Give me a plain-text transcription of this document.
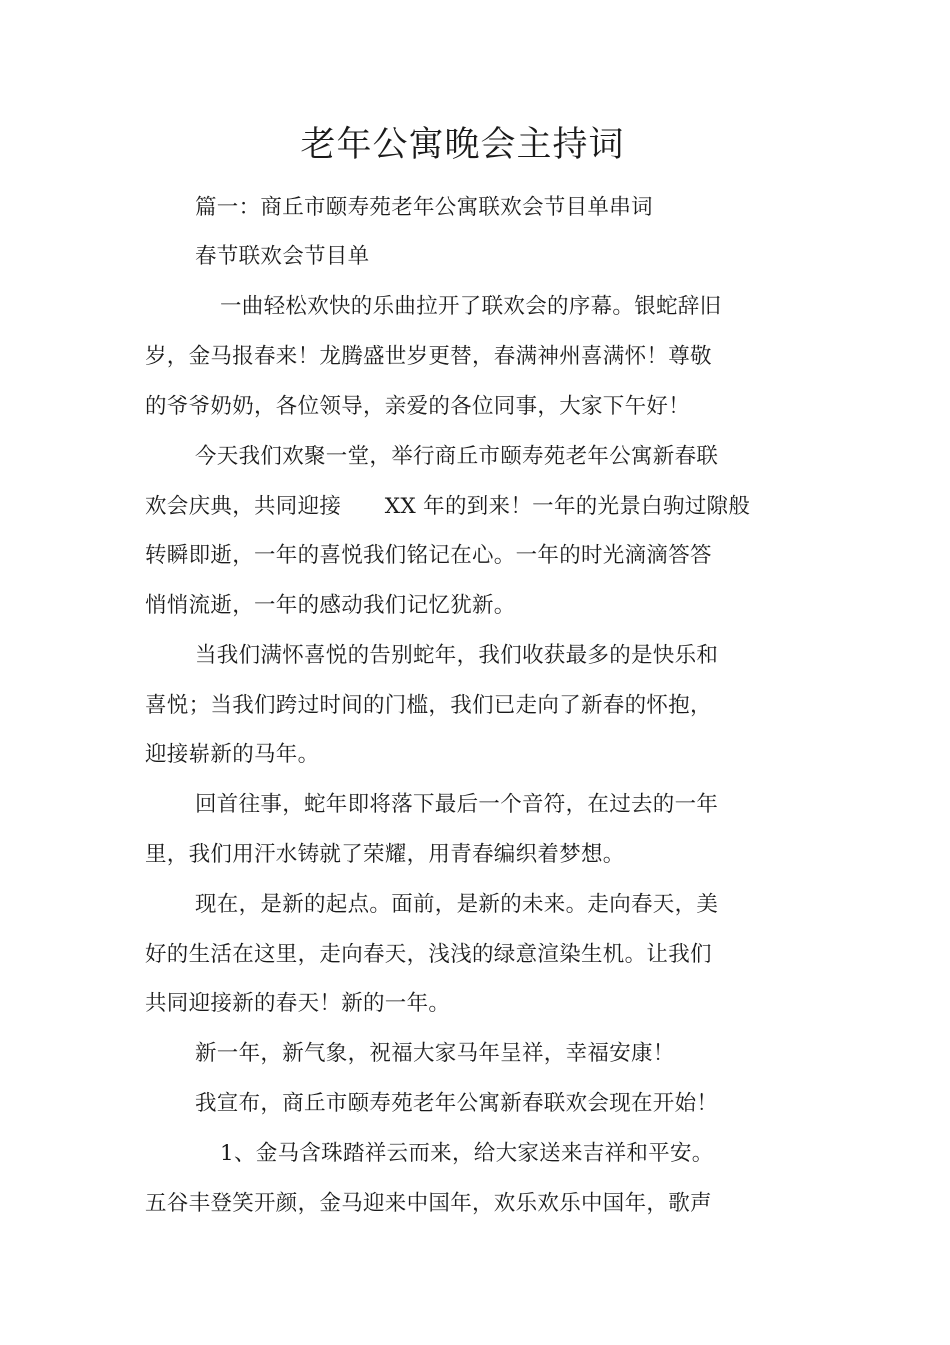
老年公寓晚会主持词
篇一：商丘市颐寿苑老年公寓联欢会节目单串词
春节联欢会节目单
一曲轻松欢快的乐曲拉开了联欢会的序幕。银蛇辞旧
岁，金马报春来！龙腾盛世岁更替，春满神州喜满怀！尊敬
的爷爷奶奶，各位领导，亲爱的各位同事，大家下午好！
今天我们欢聚一堂，举行商丘市颐寿苑老年公寓新春联
欢会庆典，共同迎接　　XX 年的到来！一年的光景白驹过隙般
转瞬即逝，一年的喜悦我们铭记在心。一年的时光滴滴答答
悄悄流逝，一年的感动我们记忆犹新。
当我们满怀喜悦的告别蛇年，我们收获最多的是快乐和
喜悦；当我们跨过时间的门槛，我们已走向了新春的怀抱，
迎接崭新的马年。
回首往事，蛇年即将落下最后一个音符，在过去的一年
里，我们用汗水铸就了荣耀，用青春编织着梦想。
现在，是新的起点。面前，是新的未来。走向春天，美
好的生活在这里，走向春天，浅浅的绿意渲染生机。让我们
共同迎接新的春天！新的一年。
新一年，新气象，祝福大家马年呈祥，幸福安康！
我宣布，商丘市颐寿苑老年公寓新春联欢会现在开始！
1、金马含珠踏祥云而来，给大家送来吉祥和平安。
五谷丰登笑开颜，金马迎来中国年，欢乐欢乐中国年，歌声
